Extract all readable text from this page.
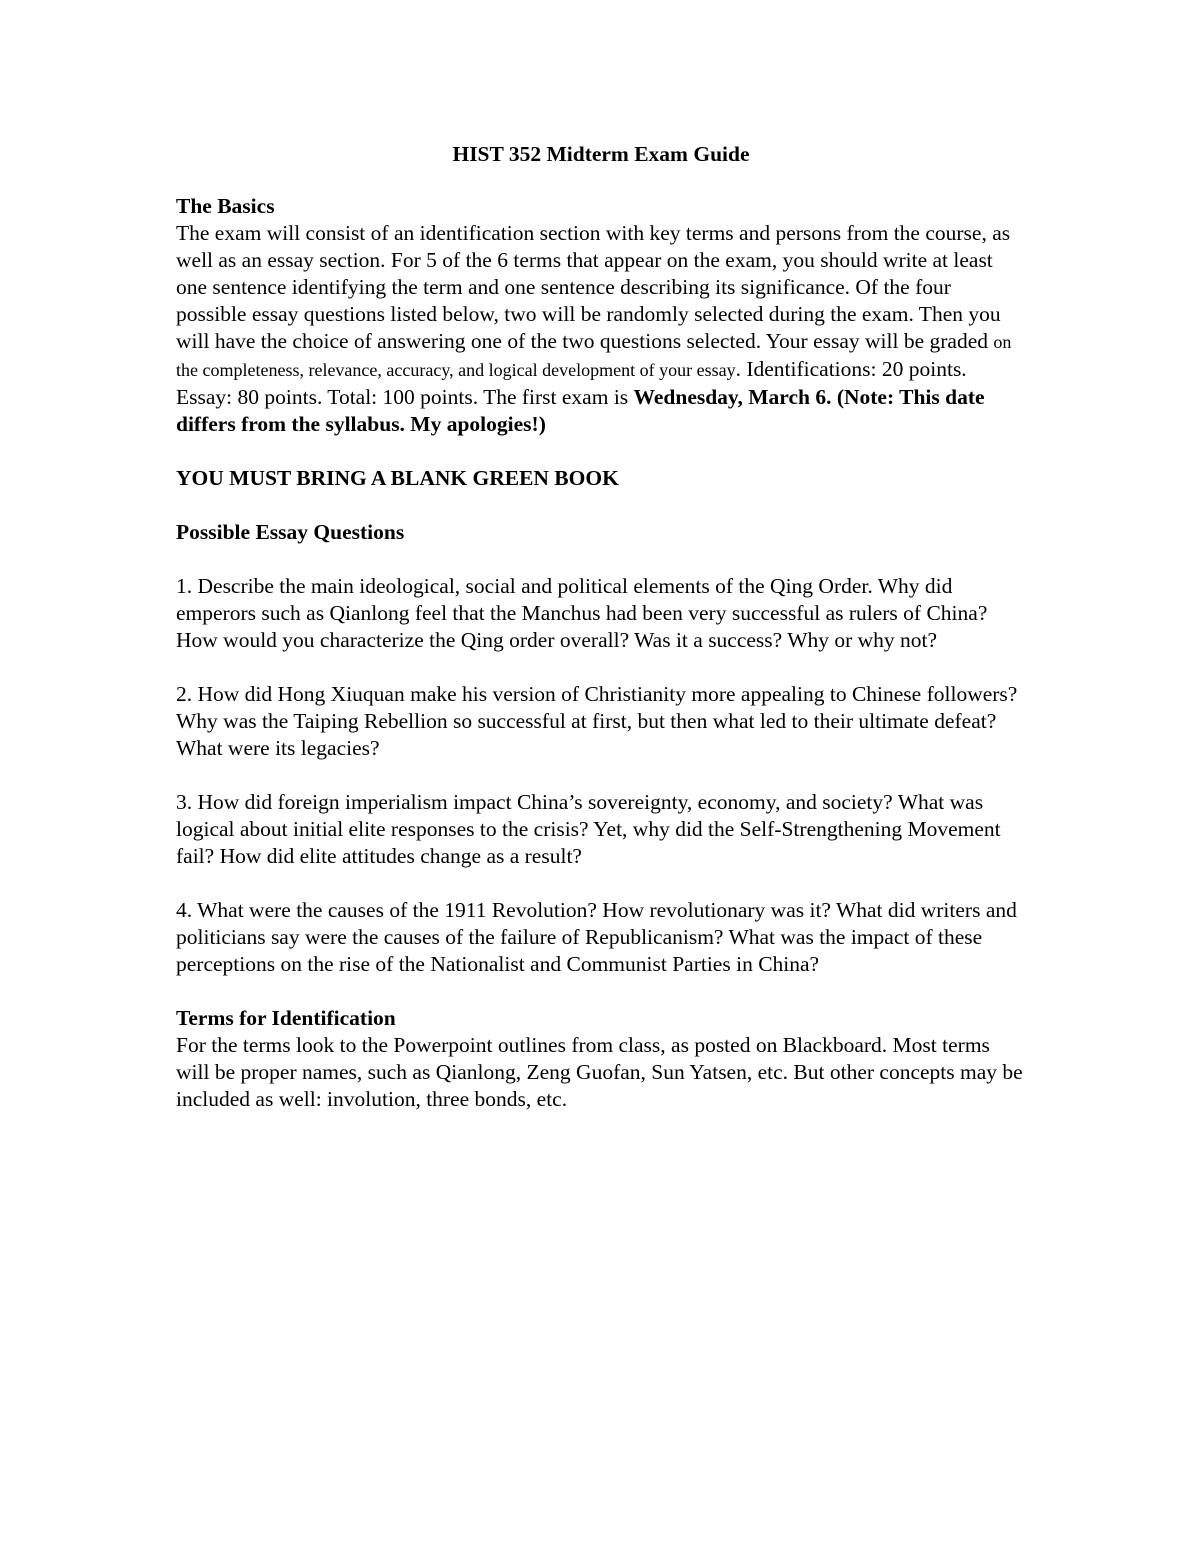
HIST 352 Midterm Exam Guide

The Basics

The exam will consist of an identification section with key terms and persons from the course, as well as an essay section. For 5 of the 6 terms that appear on the exam, you should write at least one sentence identifying the term and one sentence describing its significance. Of the four possible essay questions listed below, two will be randomly selected during the exam. Then you will have the choice of answering one of the two questions selected. Your essay will be graded on the completeness, relevance, accuracy, and logical development of your essay. Identifications: 20 points. Essay: 80 points. Total: 100 points. The first exam is Wednesday, March 6. (Note: This date differs from the syllabus. My apologies!)

YOU MUST BRING A BLANK GREEN BOOK

Possible Essay Questions

1. Describe the main ideological, social and political elements of the Qing Order. Why did emperors such as Qianlong feel that the Manchus had been very successful as rulers of China? How would you characterize the Qing order overall? Was it a success? Why or why not?

2. How did Hong Xiuquan make his version of Christianity more appealing to Chinese followers? Why was the Taiping Rebellion so successful at first, but then what led to their ultimate defeat? What were its legacies?

3. How did foreign imperialism impact China’s sovereignty, economy, and society? What was logical about initial elite responses to the crisis? Yet, why did the Self-Strengthening Movement fail? How did elite attitudes change as a result?

4. What were the causes of the 1911 Revolution? How revolutionary was it? What did writers and politicians say were the causes of the failure of Republicanism? What was the impact of these perceptions on the rise of the Nationalist and Communist Parties in China?

Terms for Identification

For the terms look to the Powerpoint outlines from class, as posted on Blackboard. Most terms will be proper names, such as Qianlong, Zeng Guofan, Sun Yatsen, etc. But other concepts may be included as well: involution, three bonds, etc.
